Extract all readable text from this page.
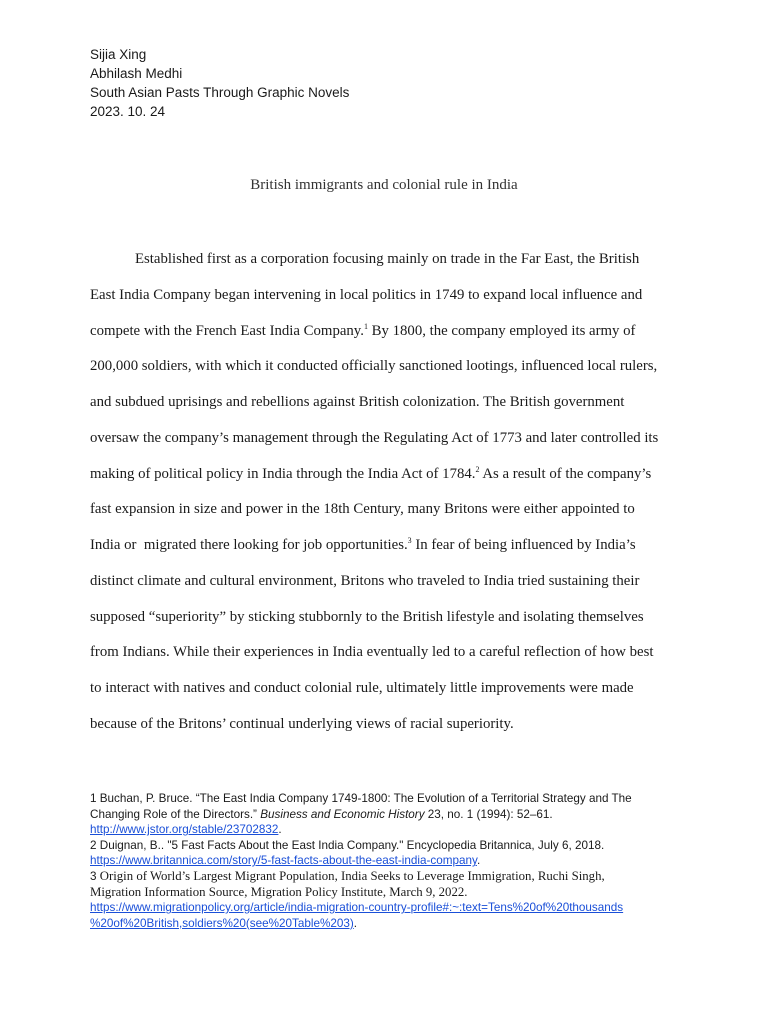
Sijia Xing
Abhilash Medhi
South Asian Pasts Through Graphic Novels
2023. 10. 24
British immigrants and colonial rule in India
Established first as a corporation focusing mainly on trade in the Far East, the British
East India Company began intervening in local politics in 1749 to expand local influence and
compete with the French East India Company.$^1$ By 1800, the company employed its army of
200,000 soldiers, with which it conducted officially sanctioned lootings, influenced local rulers,
and subdued uprisings and rebellions against British colonization. The British government
oversaw the company’s management through the Regulating Act of 1773 and later controlled its
making of political policy in India through the India Act of 1784.$^2$ As a result of the company’s
fast expansion in size and power in the 18th Century, many Britons were either appointed to
India or  migrated there looking for job opportunities.$^3$ In fear of being influenced by India’s
distinct climate and cultural environment, Britons who traveled to India tried sustaining their
supposed “superiority” by sticking stubbornly to the British lifestyle and isolating themselves
from Indians. While their experiences in India eventually led to a careful reflection of how best
to interact with natives and conduct colonial rule, ultimately little improvements were made
because of the Britons’ continual underlying views of racial superiority.
1 Buchan, P. Bruce. “The East India Company 1749-1800: The Evolution of a Territorial Strategy and The
Changing Role of the Directors.” Business and Economic History 23, no. 1 (1994): 52–61.
http://www.jstor.org/stable/23702832.
2 Duignan, B.. "5 Fast Facts About the East India Company." Encyclopedia Britannica, July 6, 2018.
https://www.britannica.com/story/5-fast-facts-about-the-east-india-company.
3 Origin of World’s Largest Migrant Population, India Seeks to Leverage Immigration, Ruchi Singh,
Migration Information Source, Migration Policy Institute, March 9, 2022.
https://www.migrationpolicy.org/article/india-migration-country-profile#:~:text=Tens%20of%20thousands
%20of%20British,soldiers%20(see%20Table%203).
